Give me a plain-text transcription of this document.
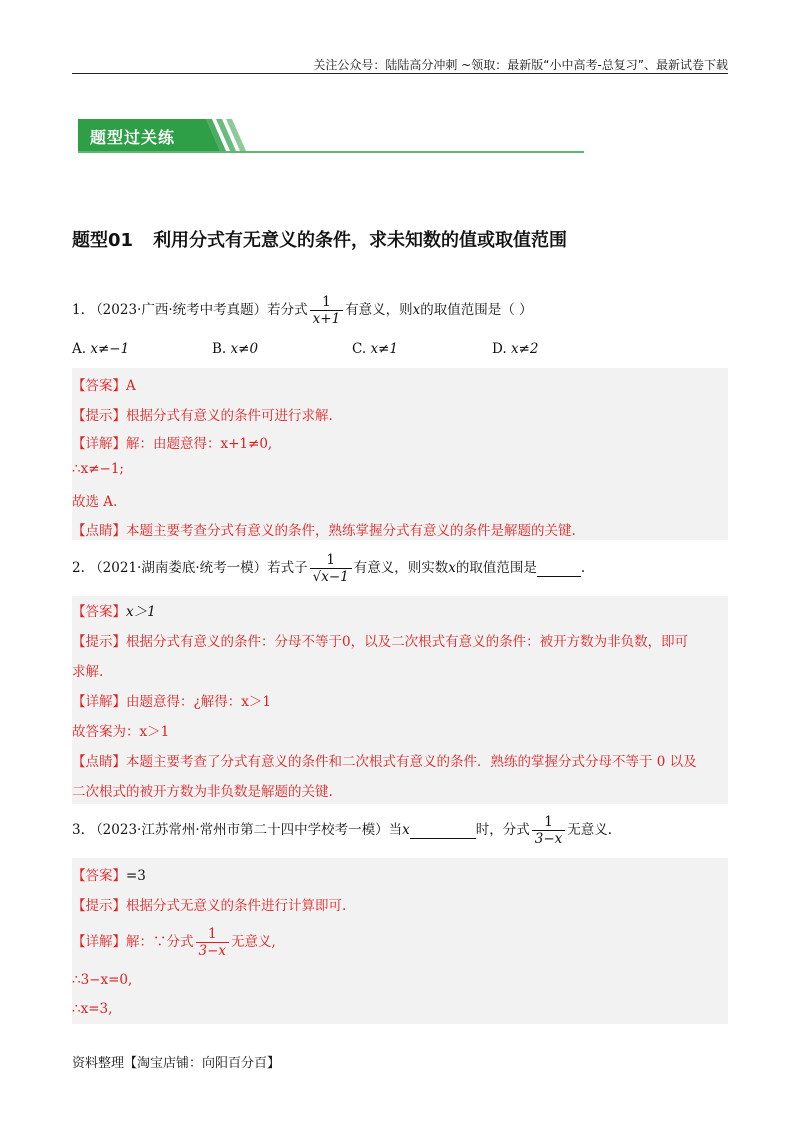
关注公众号：陆陆高分冲刺 ~领取：最新版“小中高考-总复习”、最新试卷下载
题型过关练
题型01 利用分式有无意义的条件，求未知数的值或取值范围
1. （2023·广西·统考中考真题）若分式 $\frac{1}{x+1}$ 有意义，则x的取值范围是（ ）
A. x≠−1	B. x≠0	C. x≠1	D. x≠2
【答案】A
【提示】根据分式有意义的条件可进行求解.
【详解】解：由题意得：x+1≠0,
∴x≠−1;
故选 A.
【点睛】本题主要考查分式有意义的条件，熟练掌握分式有意义的条件是解题的关键.
2. （2021·湖南娄底·统考一模）若式子 $\frac{1}{√x-1}$ 有意义，则实数x的取值范围是	.
【答案】x＞1
【提示】根据分式有意义的条件：分母不等于0，以及二次根式有意义的条件：被开方数为非负数，即可
求解.
【详解】由题意得：¿解得：x＞1
故答案为：x＞1
【点睛】本题主要考查了分式有意义的条件和二次根式有意义的条件．熟练的掌握分式分母不等于 0 以及
二次根式的被开方数为非负数是解题的关键.
3. （2023·江苏常州·常州市第二十四中学校考一模）当x	时，分式 $\frac{1}{3-x}$ 无意义.
【答案】=3
【提示】根据分式无意义的条件进行计算即可.
【详解】解：∵分式 $\frac{1}{3-x}$ 无意义,
∴3−x=0,
∴x=3,
资料整理【淘宝店铺：向阳百分百】
